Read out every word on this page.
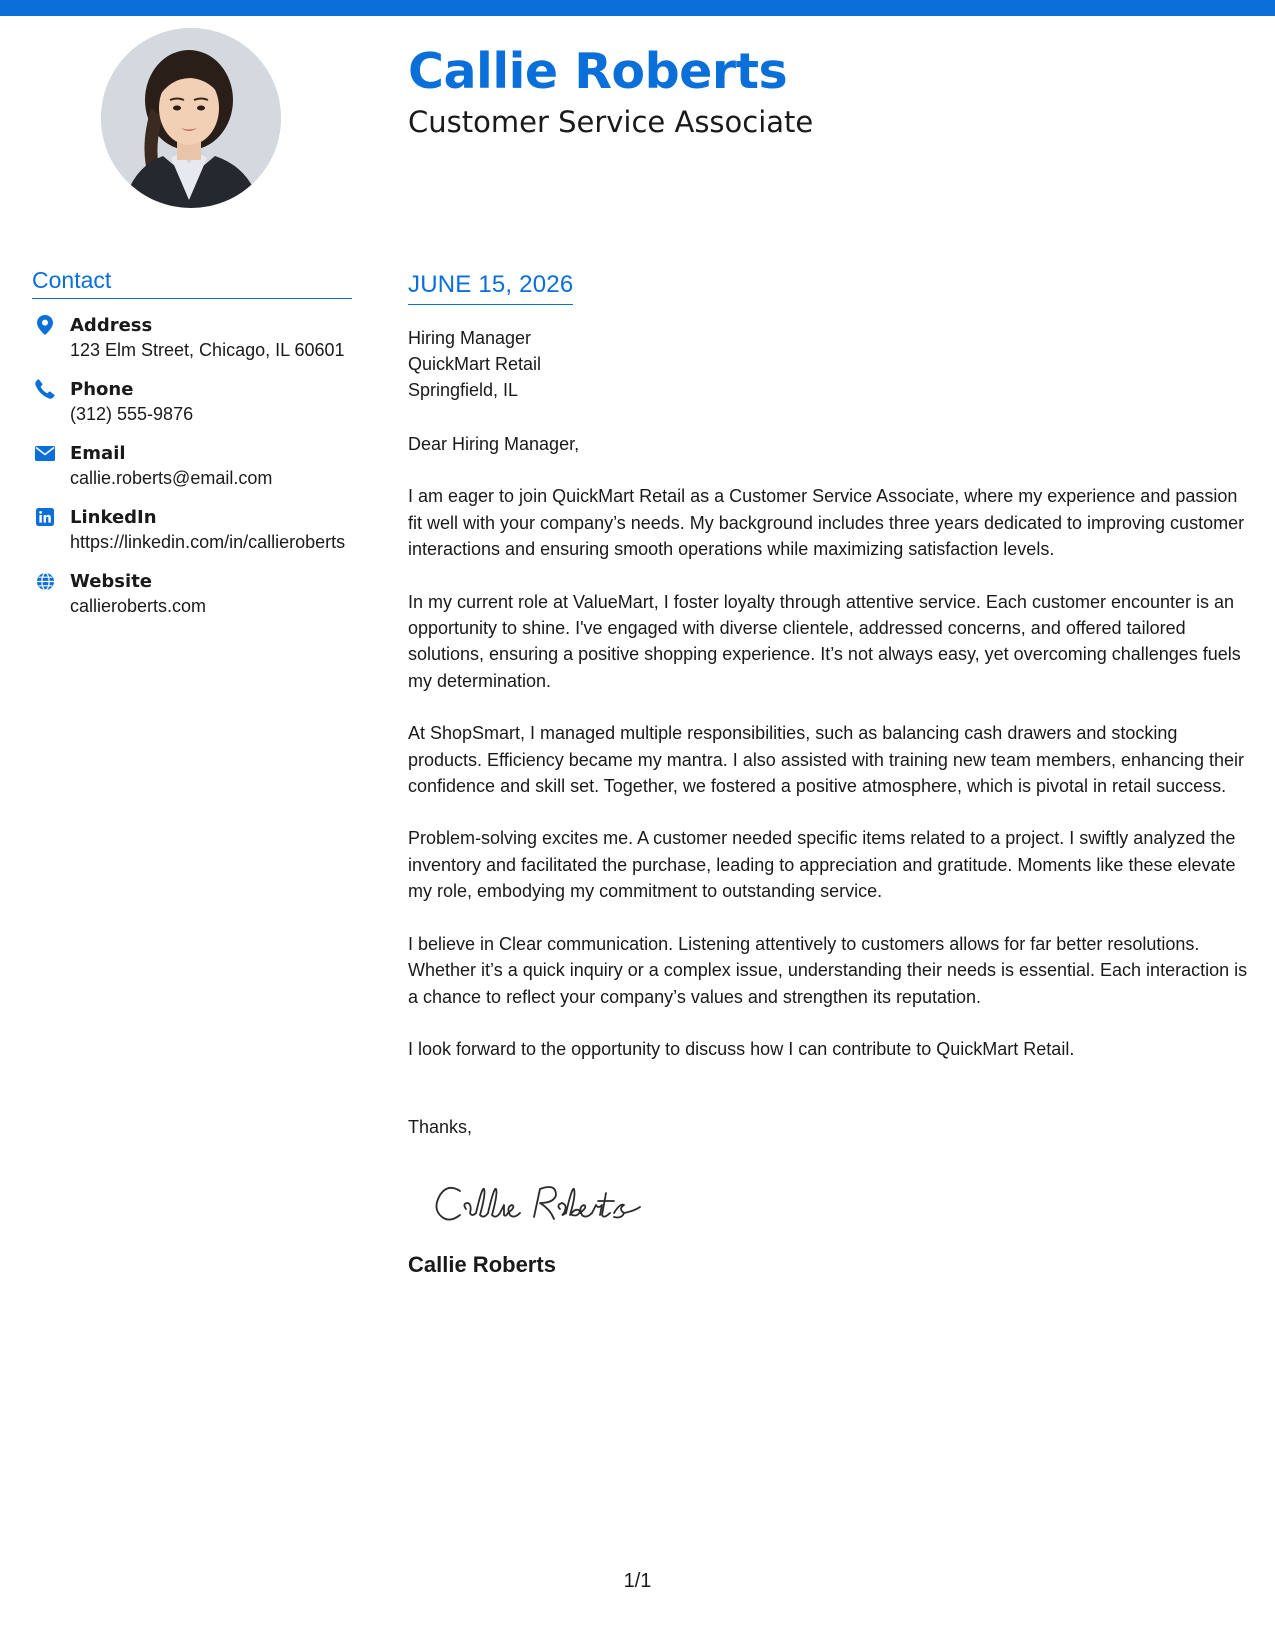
Callie Roberts
Customer Service Associate
Contact
Address
123 Elm Street, Chicago, IL 60601
Phone
(312) 555-9876
Email
callie.roberts@email.com
LinkedIn
https://linkedin.com/in/callieroberts
Website
callieroberts.com
JUNE 15, 2026
Hiring Manager
QuickMart Retail
Springfield, IL
Dear Hiring Manager,
I am eager to join QuickMart Retail as a Customer Service Associate, where my experience and passion fit well with your company’s needs. My background includes three years dedicated to improving customer interactions and ensuring smooth operations while maximizing satisfaction levels.
In my current role at ValueMart, I foster loyalty through attentive service. Each customer encounter is an opportunity to shine. I've engaged with diverse clientele, addressed concerns, and offered tailored solutions, ensuring a positive shopping experience. It’s not always easy, yet overcoming challenges fuels my determination.
At ShopSmart, I managed multiple responsibilities, such as balancing cash drawers and stocking products. Efficiency became my mantra. I also assisted with training new team members, enhancing their confidence and skill set. Together, we fostered a positive atmosphere, which is pivotal in retail success.
Problem-solving excites me. A customer needed specific items related to a project. I swiftly analyzed the inventory and facilitated the purchase, leading to appreciation and gratitude. Moments like these elevate my role, embodying my commitment to outstanding service.
I believe in Clear communication. Listening attentively to customers allows for far better resolutions. Whether it’s a quick inquiry or a complex issue, understanding their needs is essential. Each interaction is a chance to reflect your company’s values and strengthen its reputation.
I look forward to the opportunity to discuss how I can contribute to QuickMart Retail.
Thanks,
Callie Roberts
1/1
